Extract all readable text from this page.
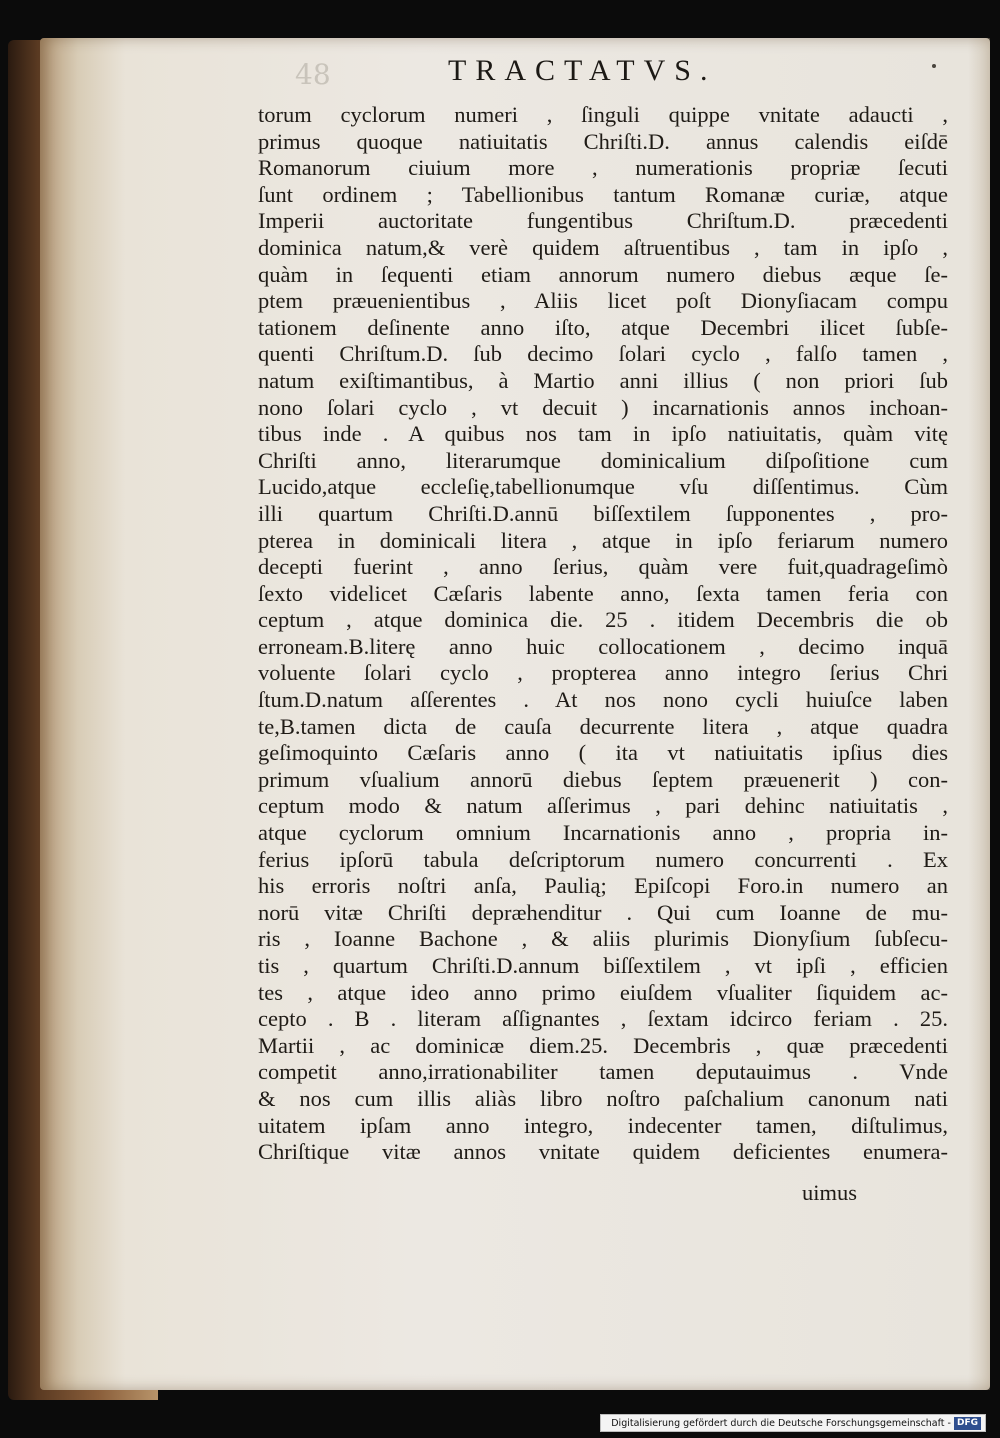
48	TRACTATVS.
torum cyclorum numeri , ſinguli quippe vnitate adaucti ,
primus quoque natiuitatis Chriſti.D. annus calendis eiſdē
Romanorum ciuium more , numerationis propriæ ſecuti
ſunt ordinem ; Tabellionibus tantum Romanæ curiæ, atque
Imperii auctoritate fungentibus Chriſtum.D. præcedenti
dominica natum,& verè quidem aſtruentibus , tam in ipſo ,
quàm in ſequenti etiam annorum numero diebus æque ſe-
ptem præuenientibus , Aliis licet poſt Dionyſiacam compu
tationem deſinente anno iſto, atque Decembri ilicet ſubſe-
quenti Chriſtum.D. ſub decimo ſolari cyclo , falſo tamen ,
natum exiſtimantibus, à Martio anni illius ( non priori ſub
nono ſolari cyclo , vt decuit ) incarnationis annos inchoan-
tibus inde . A quibus nos tam in ipſo natiuitatis, quàm vitę
Chriſti anno, literarumque dominicalium diſpoſitione cum
Lucido,atque eccleſię,tabellionumque vſu diſſentimus. Cùm
illi quartum Chriſti.D.annū biſſextilem ſupponentes , pro-
pterea in dominicali litera , atque in ipſo feriarum numero
decepti fuerint , anno ſerius, quàm vere fuit,quadrageſimò
ſexto videlicet Cæſaris labente anno, ſexta tamen feria con
ceptum , atque dominica die. 25 . itidem Decembris die ob
erroneam.B.literę anno huic collocationem , decimo inquā
voluente ſolari cyclo , propterea anno integro ſerius Chri
ſtum.D.natum aſſerentes . At nos nono cycli huiuſce laben
te,B.tamen dicta de cauſa decurrente litera , atque quadra
geſimoquinto Cæſaris anno ( ita vt natiuitatis ipſius dies
primum vſualium annorū diebus ſeptem præuenerit ) con-
ceptum modo & natum aſſerimus , pari dehinc natiuitatis ,
atque cyclorum omnium Incarnationis anno , propria in-
ferius ipſorū tabula deſcriptorum numero concurrenti . Ex
his erroris noſtri anſa, Paulią; Epiſcopi Foro.in numero an
norū vitæ Chriſti depræhenditur . Qui cum Ioanne de mu-
ris , Ioanne Bachone , & aliis plurimis Dionyſium ſubſecu-
tis , quartum Chriſti.D.annum biſſextilem , vt ipſi , efficien
tes , atque ideo anno primo eiuſdem vſualiter ſiquidem ac-
cepto . B . literam aſſignantes , ſextam idcirco feriam . 25.
Martii , ac dominicæ diem.25. Decembris , quæ præcedenti
competit anno,irrationabiliter tamen deputauimus . Vnde
& nos cum illis aliàs libro noſtro paſchalium canonum nati
uitatem ipſam anno integro, indecenter tamen, diſtulimus,
Chriſtique vitæ annos vnitate quidem deficientes enumera-
uimus
Digitalisierung gefördert durch die Deutsche Forschungsgemeinschaft - DFG
